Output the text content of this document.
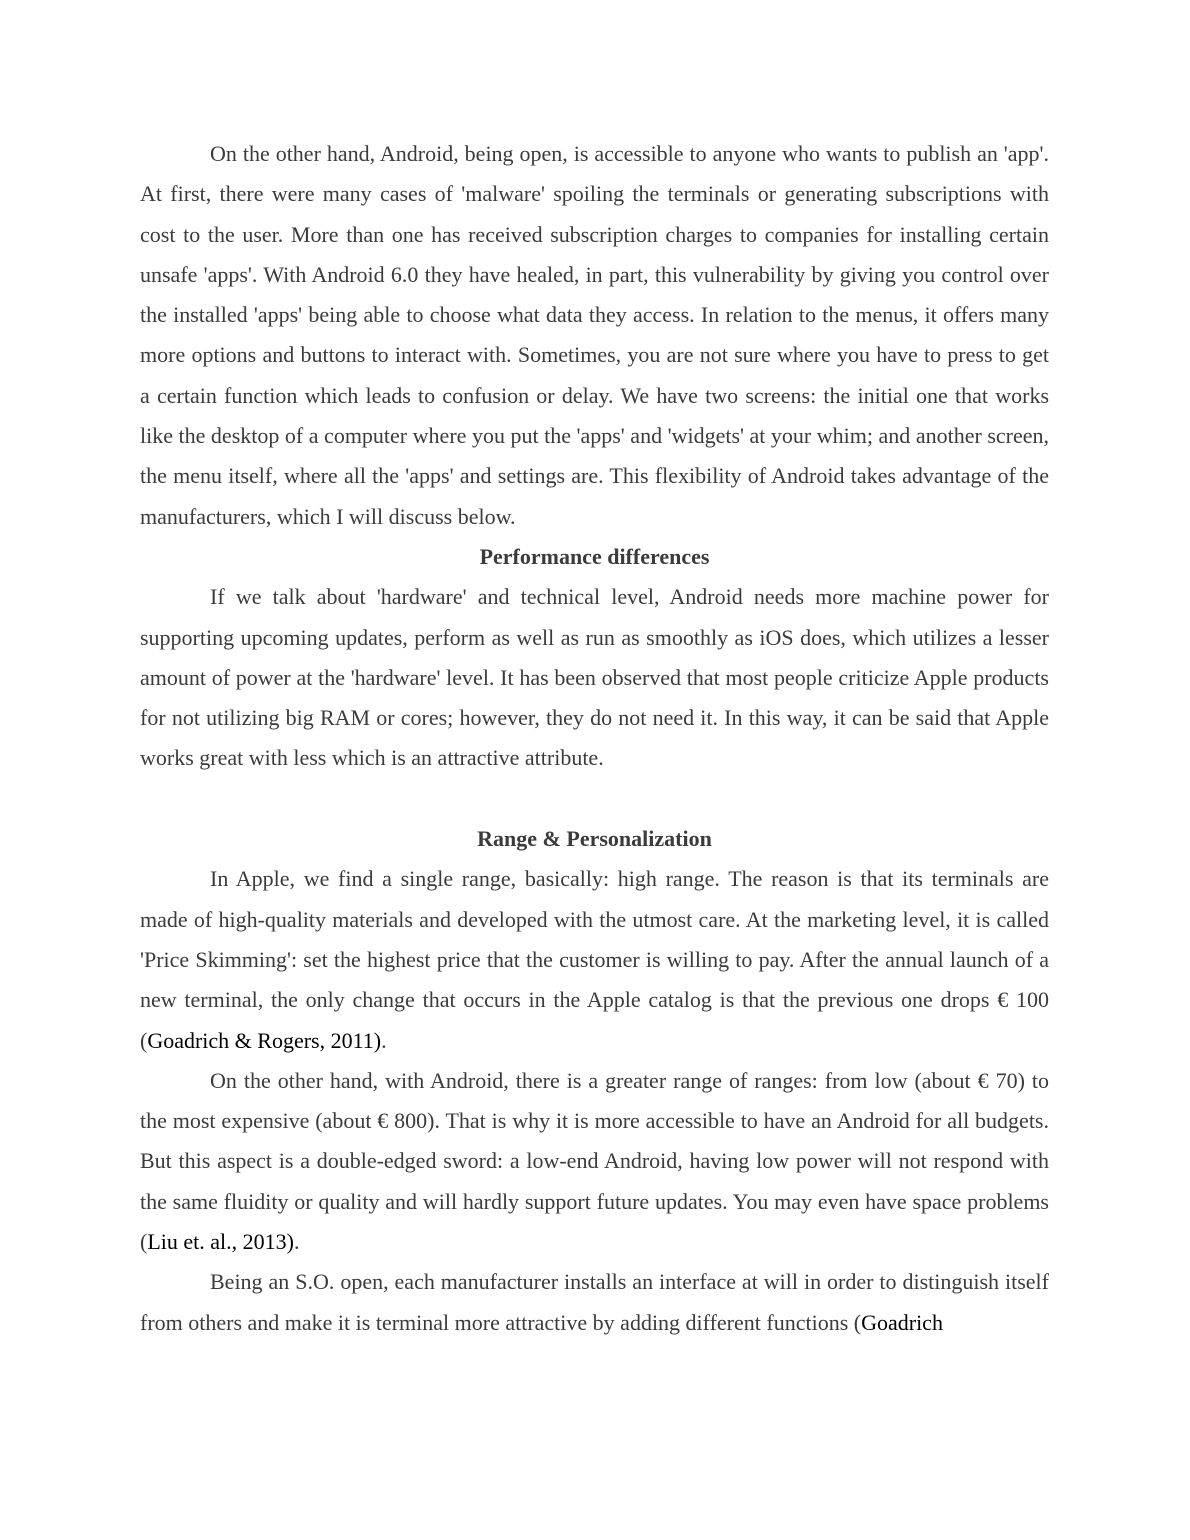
On the other hand, Android, being open, is accessible to anyone who wants to publish an 'app'. At first, there were many cases of 'malware' spoiling the terminals or generating subscriptions with cost to the user. More than one has received subscription charges to companies for installing certain unsafe 'apps'. With Android 6.0 they have healed, in part, this vulnerability by giving you control over the installed 'apps' being able to choose what data they access. In relation to the menus, it offers many more options and buttons to interact with. Sometimes, you are not sure where you have to press to get a certain function which leads to confusion or delay. We have two screens: the initial one that works like the desktop of a computer where you put the 'apps' and 'widgets' at your whim; and another screen, the menu itself, where all the 'apps' and settings are. This flexibility of Android takes advantage of the manufacturers, which I will discuss below.

Performance differences

If we talk about 'hardware' and technical level, Android needs more machine power for supporting upcoming updates, perform as well as run as smoothly as iOS does, which utilizes a lesser amount of power at the 'hardware' level. It has been observed that most people criticize Apple products for not utilizing big RAM or cores; however, they do not need it. In this way, it can be said that Apple works great with less which is an attractive attribute.

Range & Personalization

In Apple, we find a single range, basically: high range. The reason is that its terminals are made of high-quality materials and developed with the utmost care. At the marketing level, it is called 'Price Skimming': set the highest price that the customer is willing to pay. After the annual launch of a new terminal, the only change that occurs in the Apple catalog is that the previous one drops € 100 (Goadrich & Rogers, 2011).

On the other hand, with Android, there is a greater range of ranges: from low (about € 70) to the most expensive (about € 800). That is why it is more accessible to have an Android for all budgets. But this aspect is a double-edged sword: a low-end Android, having low power will not respond with the same fluidity or quality and will hardly support future updates. You may even have space problems (Liu et. al., 2013).

Being an S.O. open, each manufacturer installs an interface at will in order to distinguish itself from others and make it is terminal more attractive by adding different functions (Goadrich
